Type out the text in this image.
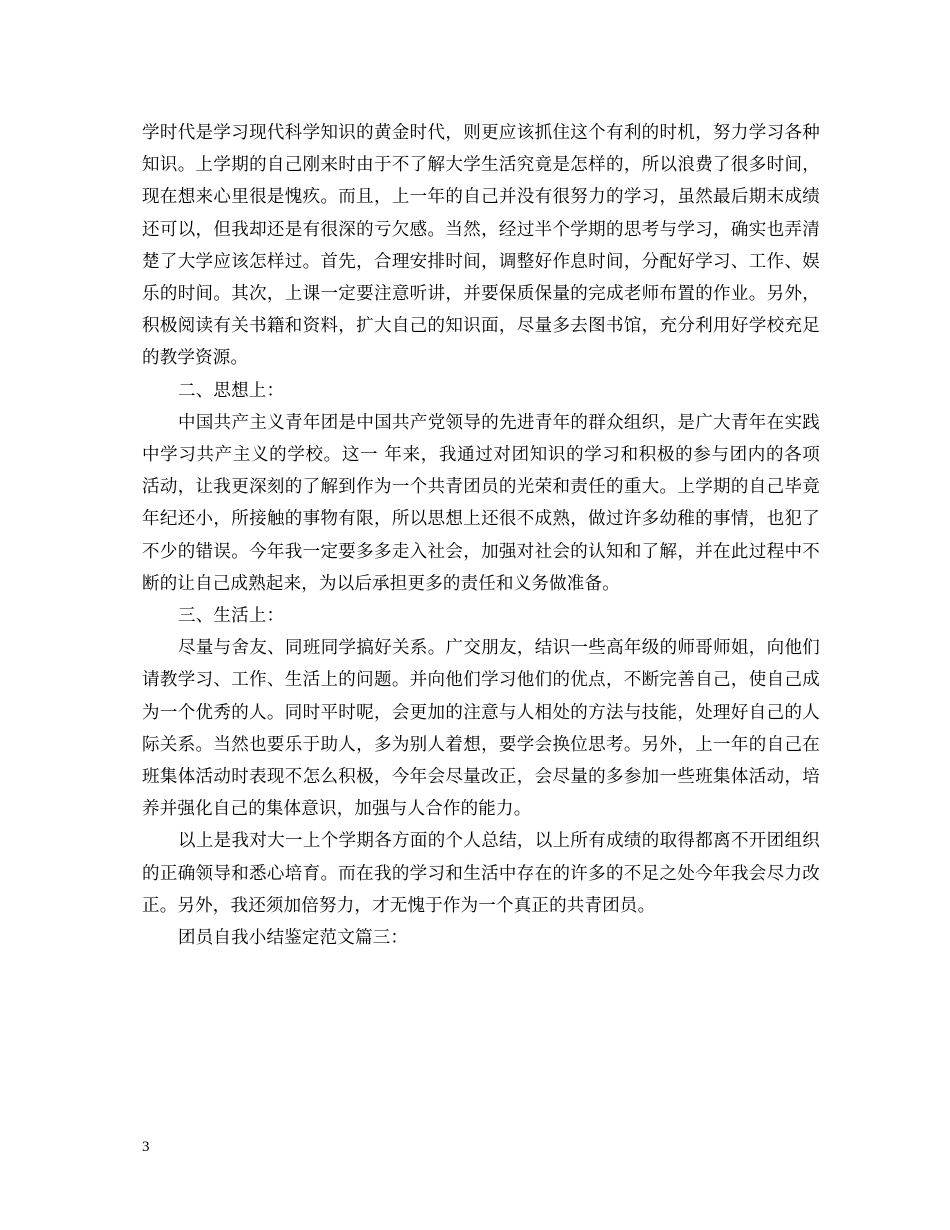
学时代是学习现代科学知识的黄金时代，则更应该抓住这个有利的时机，努力学习各种知识。上学期的自己刚来时由于不了解大学生活究竟是怎样的，所以浪费了很多时间，现在想来心里很是愧疚。而且，上一年的自己并没有很努力的学习，虽然最后期末成绩还可以，但我却还是有很深的亏欠感。当然，经过半个学期的思考与学习，确实也弄清楚了大学应该怎样过。首先，合理安排时间，调整好作息时间，分配好学习、工作、娱乐的时间。其次，上课一定要注意听讲，并要保质保量的完成老师布置的作业。另外，积极阅读有关书籍和资料，扩大自己的知识面，尽量多去图书馆，充分利用好学校充足的教学资源。

二、思想上：

中国共产主义青年团是中国共产党领导的先进青年的群众组织，是广大青年在实践中学习共产主义的学校。这一 年来，我通过对团知识的学习和积极的参与团内的各项活动，让我更深刻的了解到作为一个共青团员的光荣和责任的重大。上学期的自己毕竟年纪还小，所接触的事物有限，所以思想上还很不成熟，做过许多幼稚的事情，也犯了不少的错误。今年我一定要多多走入社会，加强对社会的认知和了解，并在此过程中不断的让自己成熟起来，为以后承担更多的责任和义务做准备。

三、生活上：

尽量与舍友、同班同学搞好关系。广交朋友，结识一些高年级的师哥师姐，向他们请教学习、工作、生活上的问题。并向他们学习他们的优点，不断完善自己，使自己成为一个优秀的人。同时平时呢，会更加的注意与人相处的方法与技能，处理好自己的人际关系。当然也要乐于助人，多为别人着想，要学会换位思考。另外，上一年的自己在班集体活动时表现不怎么积极，今年会尽量改正，会尽量的多参加一些班集体活动，培养并强化自己的集体意识，加强与人合作的能力。

以上是我对大一上个学期各方面的个人总结，以上所有成绩的取得都离不开团组织的正确领导和悉心培育。而在我的学习和生活中存在的许多的不足之处今年我会尽力改正。另外，我还须加倍努力，才无愧于作为一个真正的共青团员。

团员自我小结鉴定范文篇三：

3
